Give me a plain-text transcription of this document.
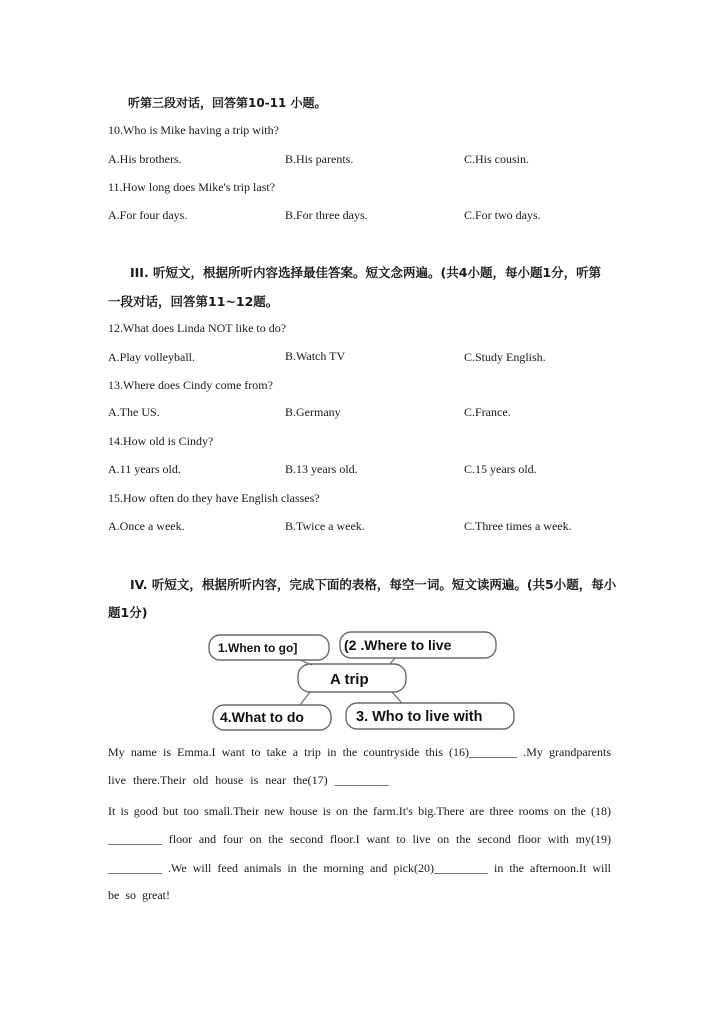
听第三段对话，回答第10-11 小题。
10.Who is Mike having a trip with?
A.His brothers.	B.His parents.	C.His cousin.
11.How long does Mike's trip last?
A.For four days.	B.For three days.	C.For two days.
III. 听短文，根据所听内容选择最佳答案。短文念两遍。(共4小题，每小题1分，听第
一段对话，回答第11~12题。
12.What does Linda NOT like to do?
A.Play volleyball.	B.Watch TV	C.Study English.
13.Where does Cindy come from?
A.The US.	B.Germany	C.France.
14.How old is Cindy?
A.11 years old.	B.13 years old.	C.15 years old.
15.How often do they have English classes?
A.Once a week.	B.Twice a week.	C.Three times a week.
IV. 听短文，根据所听内容，完成下面的表格，每空一词。短文读两遍。(共5小题，每小
题1分)
1.When to go]	(2 .Where to live
A trip
4.What to do	3. Who to live with
My name is Emma.I want to take a trip in the countryside this (16)________ .My grandparents
live there.Their old house is near the(17) _________
It is good but too small.Their new house is on the farm.It's big.There are three rooms on the (18)
_________ floor and four on the second floor.I want to live on the second floor with my(19)
_________ .We will feed animals in the morning and pick(20)_________ in the afternoon.It will
be so great!
